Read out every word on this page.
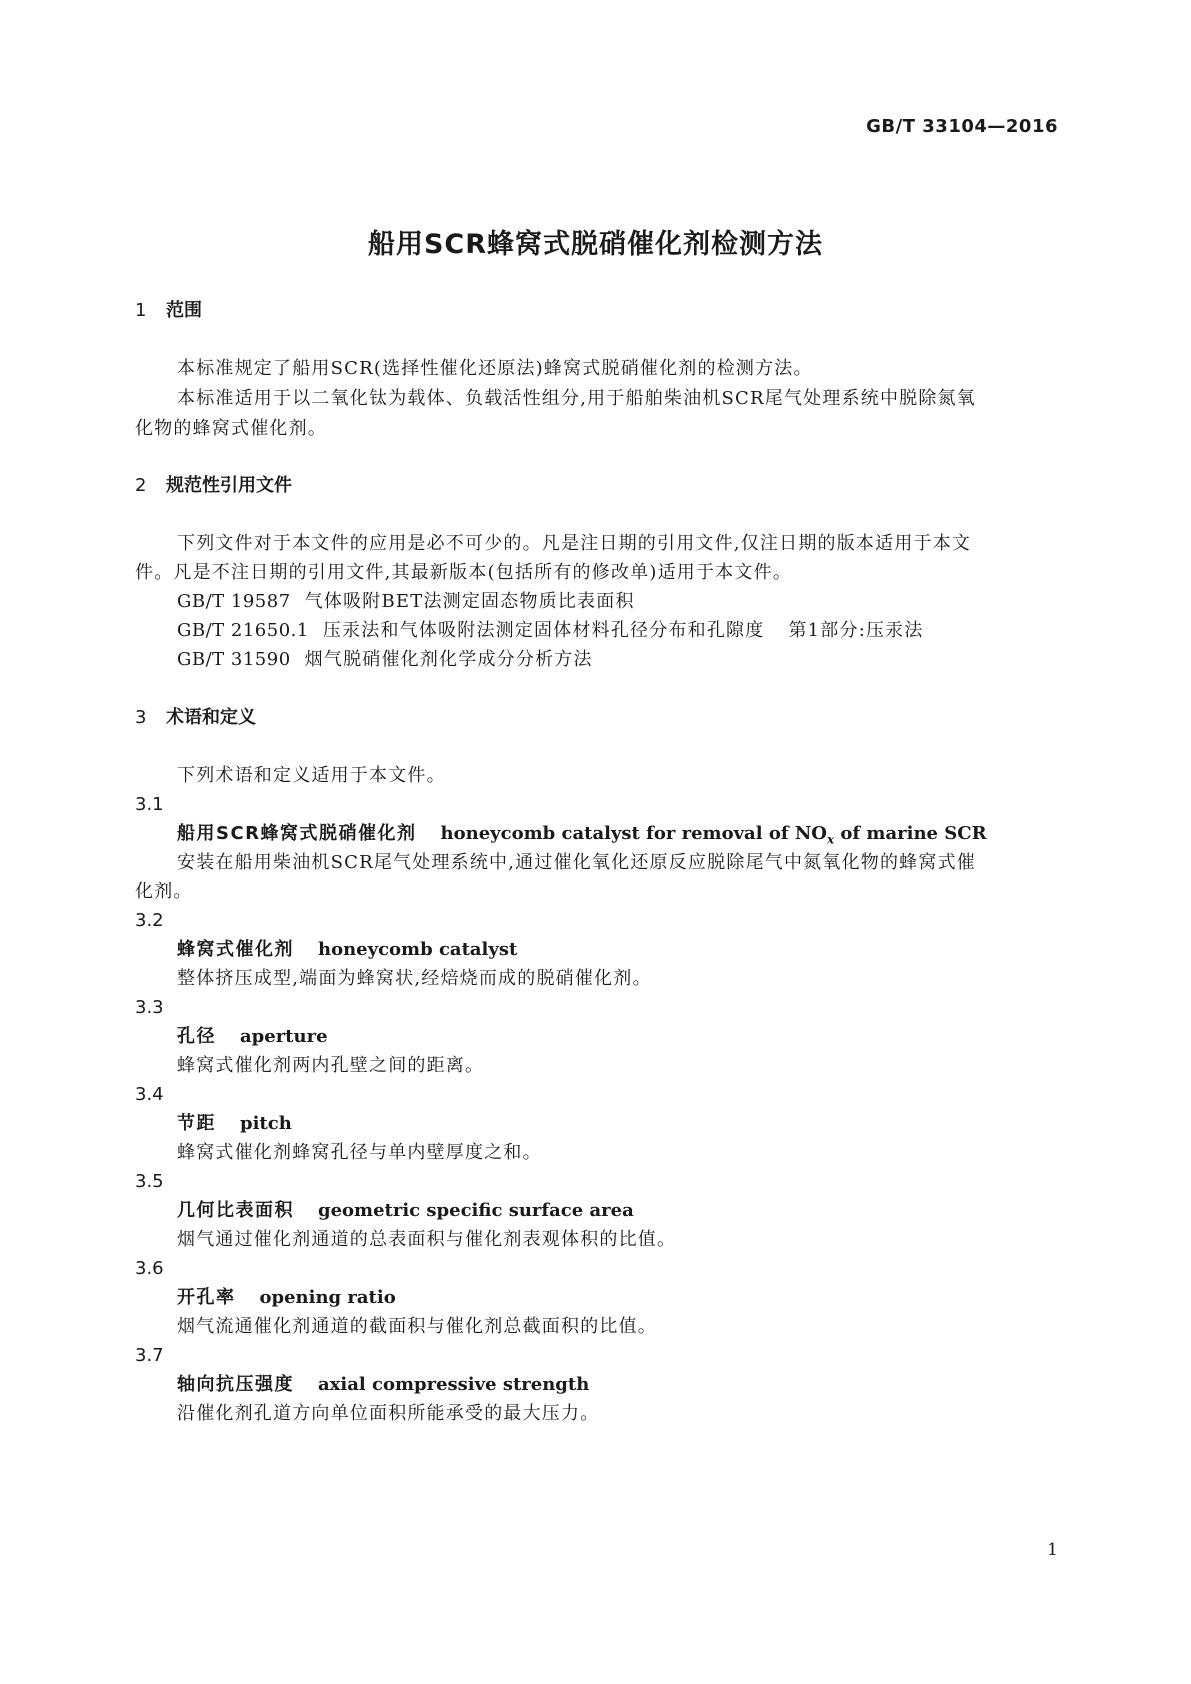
GB/T 33104—2016
船用SCR蜂窝式脱硝催化剂检测方法
1 范围
本标准规定了船用SCR(选择性催化还原法)蜂窝式脱硝催化剂的检测方法。
本标准适用于以二氧化钛为载体、负载活性组分,用于船舶柴油机SCR尾气处理系统中脱除氮氧
化物的蜂窝式催化剂。
2 规范性引用文件
下列文件对于本文件的应用是必不可少的。凡是注日期的引用文件,仅注日期的版本适用于本文
件。凡是不注日期的引用文件,其最新版本(包括所有的修改单)适用于本文件。
GB/T 19587 气体吸附BET法测定固态物质比表面积
GB/T 21650.1 压汞法和气体吸附法测定固体材料孔径分布和孔隙度 第1部分:压汞法
GB/T 31590 烟气脱硝催化剂化学成分分析方法
3 术语和定义
下列术语和定义适用于本文件。
3.1
船用SCR蜂窝式脱硝催化剂 honeycomb catalyst for removal of $NO_x$ of marine SCR
安装在船用柴油机SCR尾气处理系统中,通过催化氧化还原反应脱除尾气中氮氧化物的蜂窝式催
化剂。
3.2
蜂窝式催化剂 honeycomb catalyst
整体挤压成型,端面为蜂窝状,经焙烧而成的脱硝催化剂。
3.3
孔径 aperture
蜂窝式催化剂两内孔壁之间的距离。
3.4
节距 pitch
蜂窝式催化剂蜂窝孔径与单内壁厚度之和。
3.5
几何比表面积 geometric specific surface area
烟气通过催化剂通道的总表面积与催化剂表观体积的比值。
3.6
开孔率 opening ratio
烟气流通催化剂通道的截面积与催化剂总截面积的比值。
3.7
轴向抗压强度 axial compressive strength
沿催化剂孔道方向单位面积所能承受的最大压力。
1
